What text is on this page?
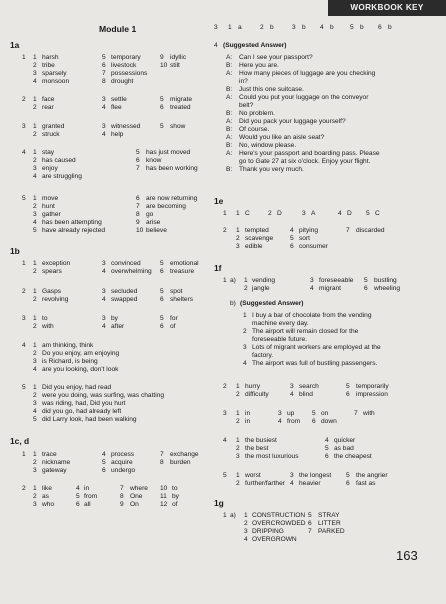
WORKBOOK KEY
Module 1
163
1a
1 1 harsh	5 temporary	9 idyllic
2 tribe	6 livestock	10 stilt
3 sparsely	7 possessions
4 monsoon	8 drought
2 1 face	3 settle	5 migrate
2 rear	4 flee	6 treated
3 1 granted	3 witnessed	5 show
2 struck	4 help
4 1 stay	5 has just moved
2 has caused	6 know
3 enjoy	7 has been working
4 are struggling
5 1 move	6 are now returning
2 hunt	7 are becoming
3 gather	8 go
4 has been attempting	9 arise
5 have already rejected	10 believe
1b
1 1 exception	3 convinced	5 emotional
2 spears	4 overwhelming 6 treasure
2 1 Gasps	3 secluded	5 spot
2 revolving	4 swapped	6 shelters
3 1 to	3 by	5 for
2 with	4 after	6 of
4 1 am thinking, think
2 Do you enjoy, am enjoying
3 is Richard, is being
4 are you looking, don't look
5 1 Did you enjoy, had read
2 were you doing, was surfing, was chatting
3 was riding, had, Did you hurt
4 did you go, had already left
5 did Larry look, had been walking
1c, d
1 1 trace	4 process	7 exchange
2 nickname	5 acquire	8 burden
3 gateway	6 undergo
2 1 like	4 in	7 where 10 to
2 as	5 from	8 One	11 by
3 who	6 all	9 On	12 of
3 1 a	2 b	3 b 4 b 5 b 6 b
4 (Suggested Answer)
A: Can I see your passport?
B: Here you are.
A: How many pieces of luggage are you checking
in?
B: Just this one suitcase.
A: Could you put your luggage on the conveyor
belt?
B: No problem.
A: Did you pack your luggage yourself?
B: Of course.
A: Would you like an aisle seat?
B: No, window please.
A: Here's your passport and boarding pass. Please
go to Gate 27 at six o'clock. Enjoy your flight.
B: Thank you very much.
1e
1 1 C	2 D	3 A	4 D 5 C
2 1 tempted	4 pitying	7 discarded
2 scavenge	5 sort
3 edible	6 consumer
1f
1 a) 1 vending	3 foreseeable 5 bustling
2 jangle	4 migrant	6 wheeling
b) (Suggested Answer)
1 I buy a bar of chocolate from the vending
machine every day.
2 The airport will remain closed for the
foreseeable future.
3 Lots of migrant workers are employed at the
factory.
4 The airport was full of bustling passengers.
2 1 hurry	3 search	5 temporarily
2 difficulty	4 blind	6 impression
3 1 in	3 up	5 on	7 with
2 in	4 from 6 down
4 1 the busiest	4 quicker
2 the best	5 as bad
3 the most luxurious	6 the cheapest
5 1 worst	3 the longest 5 the angrier
2 further/farther 4 heavier	6 fast as
1g
1 a) 1 CONSTRUCTION 5 STRAY
2 OVERCROWDED 6 LITTER
3 DRIPPING	7 PARKED
4 OVERGROWN
